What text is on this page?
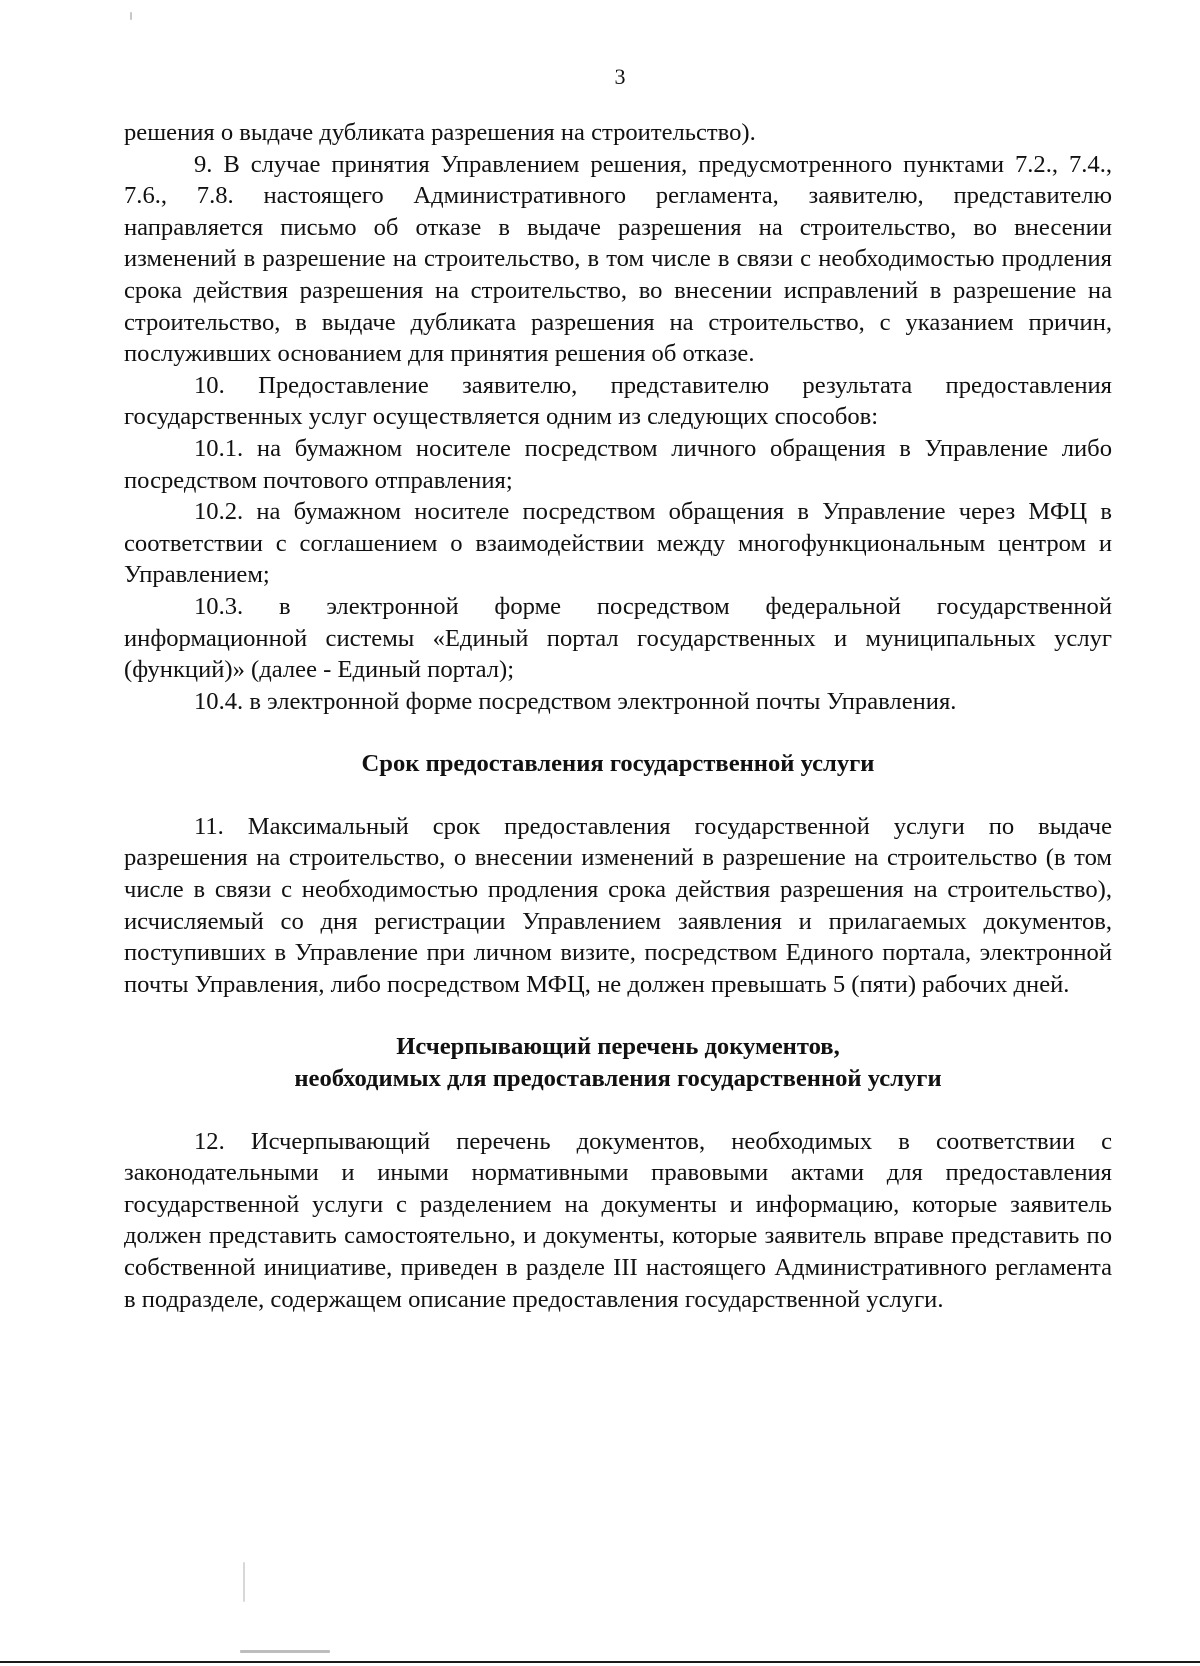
3

решения о выдаче дубликата разрешения на строительство).

9. В случае принятия Управлением решения, предусмотренного пунктами 7.2., 7.4., 7.6., 7.8. настоящего Административного регламента, заявителю, представителю направляется письмо об отказе в выдаче разрешения на строительство, во внесении изменений в разрешение на строительство, в том числе в связи с необходимостью продления срока действия разрешения на строительство, во внесении исправлений в разрешение на строительство, в выдаче дубликата разрешения на строительство, с указанием причин, послуживших основанием для принятия решения об отказе.

10. Предоставление заявителю, представителю результата предоставления государственных услуг осуществляется одним из следующих способов:

10.1. на бумажном носителе посредством личного обращения в Управление либо посредством почтового отправления;

10.2. на бумажном носителе посредством обращения в Управление через МФЦ в соответствии с соглашением о взаимодействии между многофункциональным центром и Управлением;

10.3. в электронной форме посредством федеральной государственной информационной системы «Единый портал государственных и муниципальных услуг (функций)» (далее - Единый портал);

10.4. в электронной форме посредством электронной почты Управления.

Срок предоставления государственной услуги

11. Максимальный срок предоставления государственной услуги по выдаче разрешения на строительство, о внесении изменений в разрешение на строительство (в том числе в связи с необходимостью продления срока действия разрешения на строительство), исчисляемый со дня регистрации Управлением заявления и прилагаемых документов, поступивших в Управление при личном визите, посредством Единого портала, электронной почты Управления, либо посредством МФЦ, не должен превышать 5 (пяти) рабочих дней.

Исчерпывающий перечень документов,

необходимых для предоставления государственной услуги

12. Исчерпывающий перечень документов, необходимых в соответствии с законодательными и иными нормативными правовыми актами для предоставления государственной услуги с разделением на документы и информацию, которые заявитель должен представить самостоятельно, и документы, которые заявитель вправе представить по собственной инициативе, приведен в разделе III настоящего Административного регламента в подразделе, содержащем описание предоставления государственной услуги.
